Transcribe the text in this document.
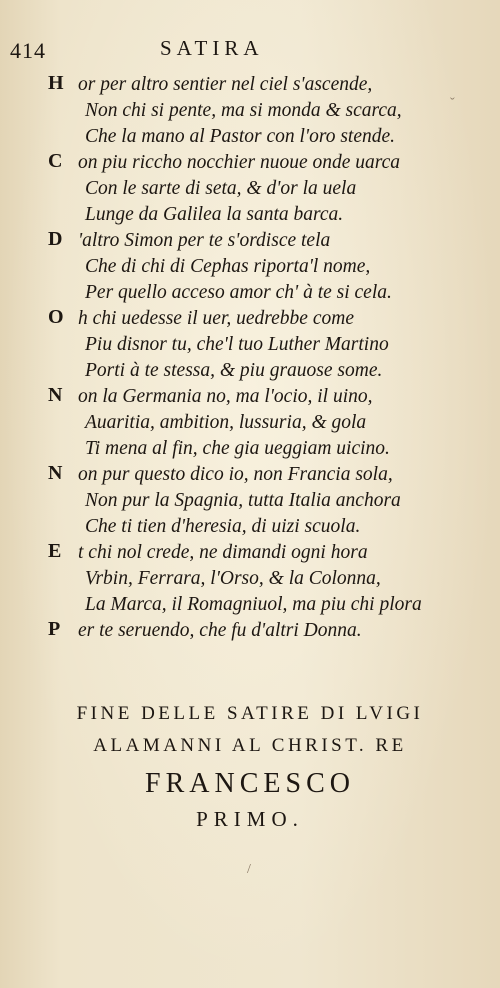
414	SATIRA
H or per altro sentier nel ciel s'ascende,
Non chi si pente, ma si monda & scarca,
Che la mano al Pastor con l'oro stende.
C on piu riccho nocchier nuoue onde uarca
Con le sarte di seta, & d'or la uela
Lunge da Galilea la santa barca.
D 'altro Simon per te s'ordisce tela
Che di chi di Cephas riporta'l nome,
Per quello acceso amor ch' à te si cela.
O h chi uedesse il uer, uedrebbe come
Piu disnor tu, che'l tuo Luther Martino
Porti à te stessa, & piu grauose some.
N on la Germania no, ma l'ocio, il uino,
Auaritia, ambition, lussuria, & gola
Ti mena al fin, che gia ueggiam uicino.
N on pur questo dico io, non Francia sola,
Non pur la Spagnia, tutta Italia anchora
Che ti tien d'heresia, di uizi scuola.
E t chi nol crede, ne dimandi ogni hora
Vrbin, Ferrara, l'Orso, & la Colonna,
La Marca, il Romagniuol, ma piu chi plora
P er te seruendo, che fu d'altri Donna.
FINE DELLE SATIRE DI LVIGI
ALAMANNI AL CHRIST. RE
FRANCESCO
PRIMO.
ˇ
/
